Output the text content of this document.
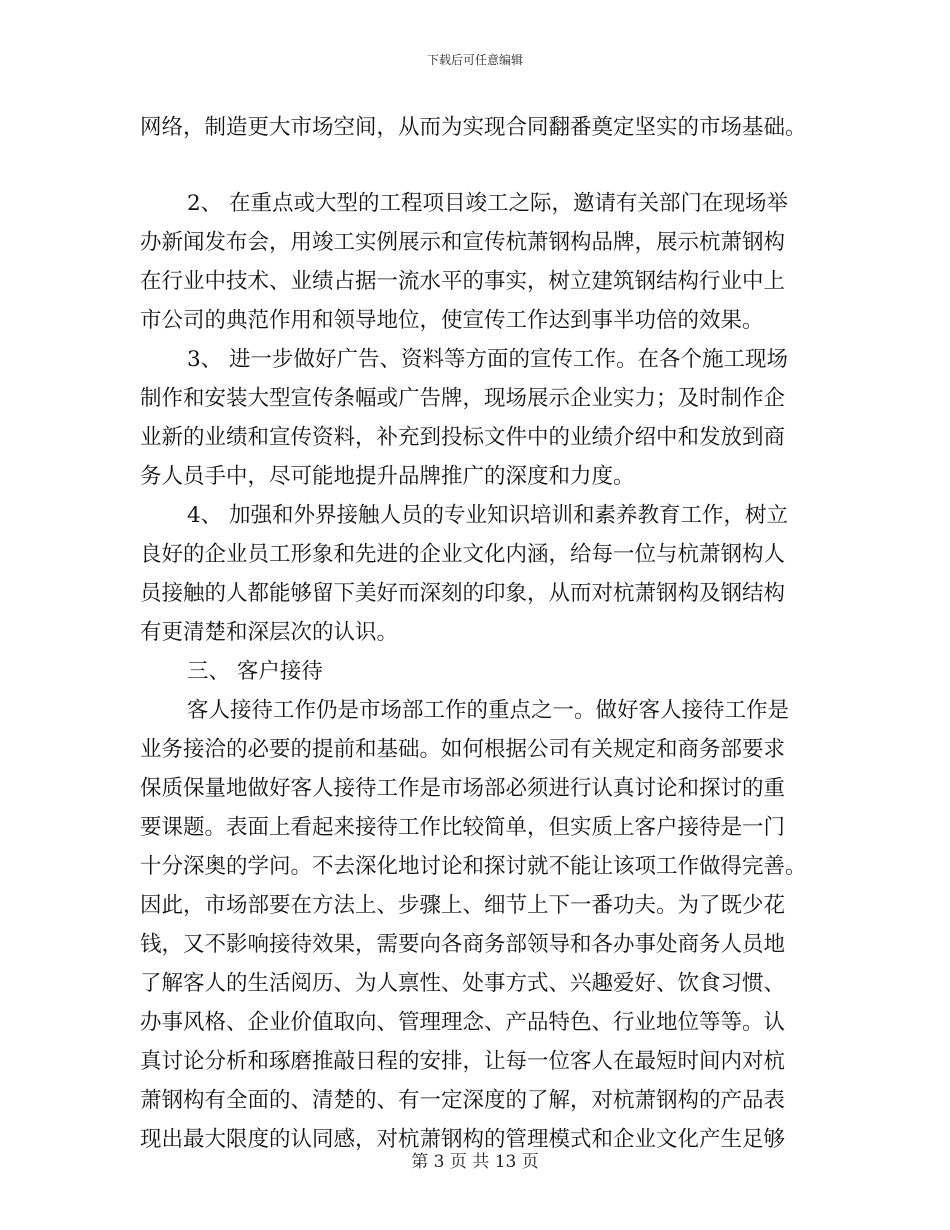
下载后可任意编辑
网络，制造更大市场空间，从而为实现合同翻番奠定坚实的市场基础。
2、 在重点或大型的工程项目竣工之际，邀请有关部门在现场举
办新闻发布会，用竣工实例展示和宣传杭萧钢构品牌，展示杭萧钢构
在行业中技术、业绩占据一流水平的事实，树立建筑钢结构行业中上
市公司的典范作用和领导地位，使宣传工作达到事半功倍的效果。
3、 进一步做好广告、资料等方面的宣传工作。在各个施工现场
制作和安装大型宣传条幅或广告牌，现场展示企业实力；及时制作企
业新的业绩和宣传资料，补充到投标文件中的业绩介绍中和发放到商
务人员手中，尽可能地提升品牌推广的深度和力度。
4、 加强和外界接触人员的专业知识培训和素养教育工作，树立
良好的企业员工形象和先进的企业文化内涵，给每一位与杭萧钢构人
员接触的人都能够留下美好而深刻的印象，从而对杭萧钢构及钢结构
有更清楚和深层次的认识。
三、 客户接待
客人接待工作仍是市场部工作的重点之一。做好客人接待工作是
业务接洽的必要的提前和基础。如何根据公司有关规定和商务部要求
保质保量地做好客人接待工作是市场部必须进行认真讨论和探讨的重
要课题。表面上看起来接待工作比较简单，但实质上客户接待是一门
十分深奥的学问。不去深化地讨论和探讨就不能让该项工作做得完善。
因此，市场部要在方法上、步骤上、细节上下一番功夫。为了既少花
钱，又不影响接待效果，需要向各商务部领导和各办事处商务人员地
了解客人的生活阅历、为人禀性、处事方式、兴趣爱好、饮食习惯、
办事风格、企业价值取向、管理理念、产品特色、行业地位等等。认
真讨论分析和琢磨推敲日程的安排，让每一位客人在最短时间内对杭
萧钢构有全面的、清楚的、有一定深度的了解，对杭萧钢构的产品表
现出最大限度的认同感，对杭萧钢构的管理模式和企业文化产生足够
第 3 页 共 13 页
